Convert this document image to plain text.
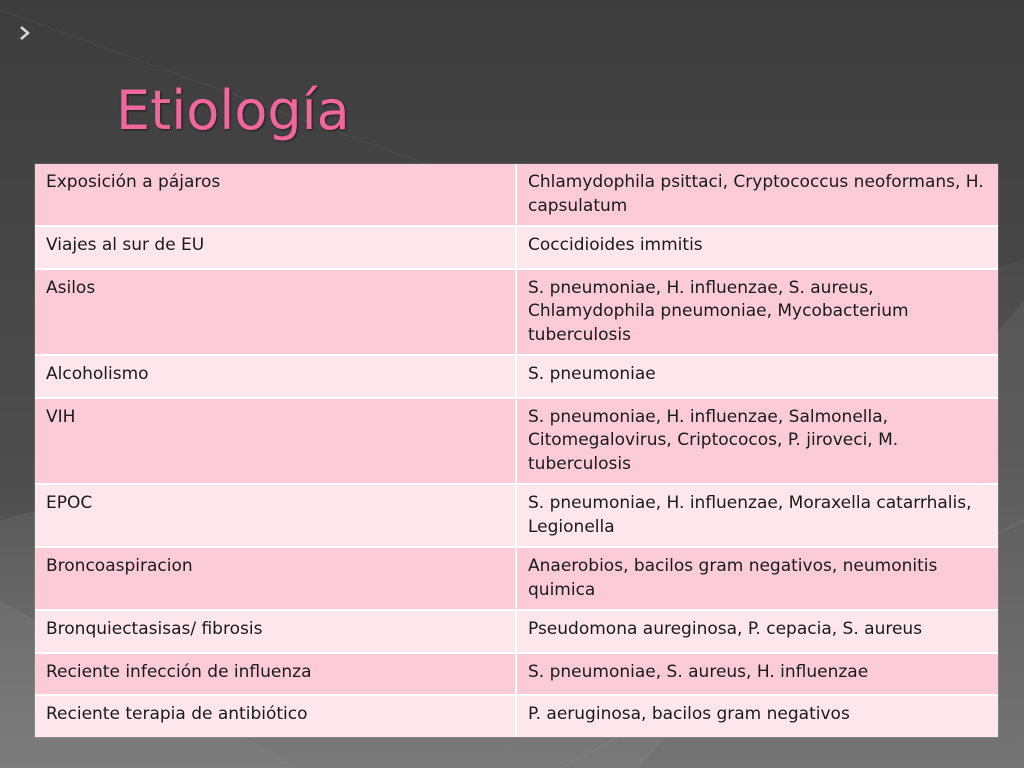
Etiología
Exposición a pájaros	Chlamydophila psittaci, Cryptococcus neoformans, H. capsulatum
Viajes al sur de EU	Coccidioides immitis
Asilos	S. pneumoniae, H. influenzae, S. aureus, Chlamydophila pneumoniae, Mycobacterium tuberculosis
Alcoholismo	S. pneumoniae
VIH	S. pneumoniae, H. influenzae, Salmonella, Citomegalovirus, Criptococos, P. jiroveci, M. tuberculosis
EPOC	S. pneumoniae, H. influenzae, Moraxella catarrhalis, Legionella
Broncoaspiracion	Anaerobios, bacilos gram negativos, neumonitis quimica
Bronquiectasisas/ fibrosis	Pseudomona aureginosa, P. cepacia, S. aureus
Reciente infección de influenza	S. pneumoniae, S. aureus, H. influenzae
Reciente terapia de antibiótico	P. aeruginosa, bacilos gram negativos
